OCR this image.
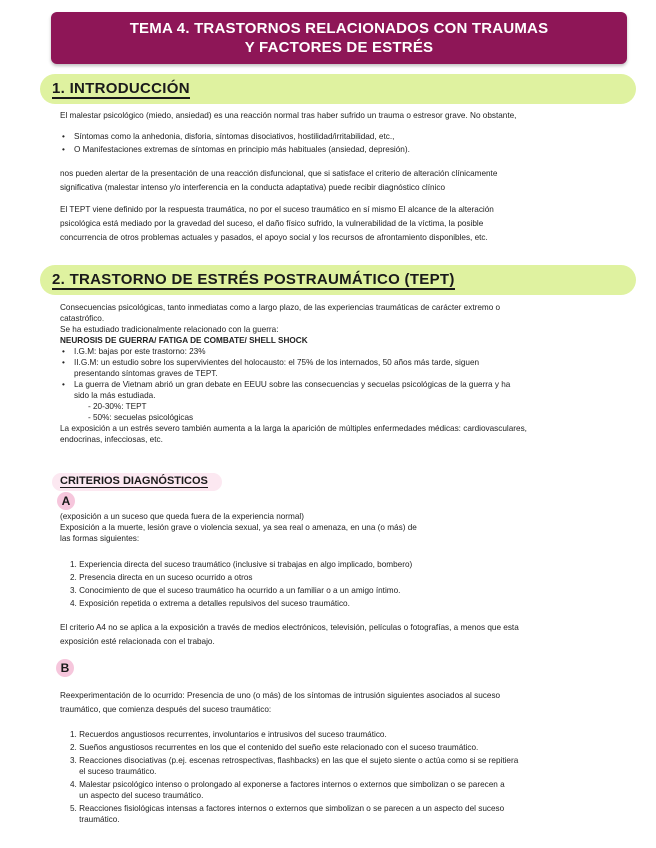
TEMA 4. TRASTORNOS RELACIONADOS CON TRAUMAS
Y FACTORES DE ESTRÉS
1. INTRODUCCIÓN
El malestar psicológico (miedo, ansiedad) es una reacción normal tras haber sufrido un trauma o estresor grave. No obstante,
• Síntomas como la anhedonia, disforia, síntomas disociativos, hostilidad/irritabilidad, etc.,
• O Manifestaciones extremas de síntomas en principio más habituales (ansiedad, depresión).
nos pueden alertar de la presentación de una reacción disfuncional, que si satisface el criterio de alteración clínicamente
significativa (malestar intenso y/o interferencia en la conducta adaptativa) puede recibir diagnóstico clínico
El TEPT viene definido por la respuesta traumática, no por el suceso traumático en sí mismo El alcance de la alteración
psicológica está mediado por la gravedad del suceso, el daño físico sufrido, la vulnerabilidad de la víctima, la posible
concurrencia de otros problemas actuales y pasados, el apoyo social y los recursos de afrontamiento disponibles, etc.
2. TRASTORNO DE ESTRÉS POSTRAUMÁTICO (TEPT)
Consecuencias psicológicas, tanto inmediatas como a largo plazo, de las experiencias traumáticas de carácter extremo o
catastrófico.
Se ha estudiado tradicionalmente relacionado con la guerra:
NEUROSIS DE GUERRA/ FATIGA DE COMBATE/ SHELL SHOCK
• I.G.M: bajas por este trastorno: 23%
• II.G.M: un estudio sobre los supervivientes del holocausto: el 75% de los internados, 50 años más tarde, siguen
presentando síntomas graves de TEPT.
• La guerra de Vietnam abrió un gran debate en EEUU sobre las consecuencias y secuelas psicológicas de la guerra y ha
sido la más estudiada.
- 20-30%: TEPT
- 50%: secuelas psicológicas
La exposición a un estrés severo también aumenta a la larga la aparición de múltiples enfermedades médicas: cardiovasculares,
endocrinas, infecciosas, etc.
CRITERIOS DIAGNÓSTICOS
A
(exposición a un suceso que queda fuera de la experiencia normal)
Exposición a la muerte, lesión grave o violencia sexual, ya sea real o amenaza, en una (o más) de
las formas siguientes:
1. Experiencia directa del suceso traumático (inclusive si trabajas en algo implicado, bombero)
2. Presencia directa en un suceso ocurrido a otros
3. Conocimiento de que el suceso traumático ha ocurrido a un familiar o a un amigo íntimo.
4. Exposición repetida o extrema a detalles repulsivos del suceso traumático.
El criterio A4 no se aplica a la exposición a través de medios electrónicos, televisión, películas o fotografías, a menos que esta
exposición esté relacionada con el trabajo.
B
Reexperimentación de lo ocurrido: Presencia de uno (o más) de los síntomas de intrusión siguientes asociados al suceso
traumático, que comienza después del suceso traumático:
1. Recuerdos angustiosos recurrentes, involuntarios e intrusivos del suceso traumático.
2. Sueños angustiosos recurrentes en los que el contenido del sueño este relacionado con el suceso traumático.
3. Reacciones disociativas (p.ej. escenas retrospectivas, flashbacks) en las que el sujeto siente o actúa como si se repitiera
el suceso traumático.
4. Malestar psicológico intenso o prolongado al exponerse a factores internos o externos que simbolizan o se parecen a
un aspecto del suceso traumático.
5. Reacciones fisiológicas intensas a factores internos o externos que simbolizan o se parecen a un aspecto del suceso
traumático.
